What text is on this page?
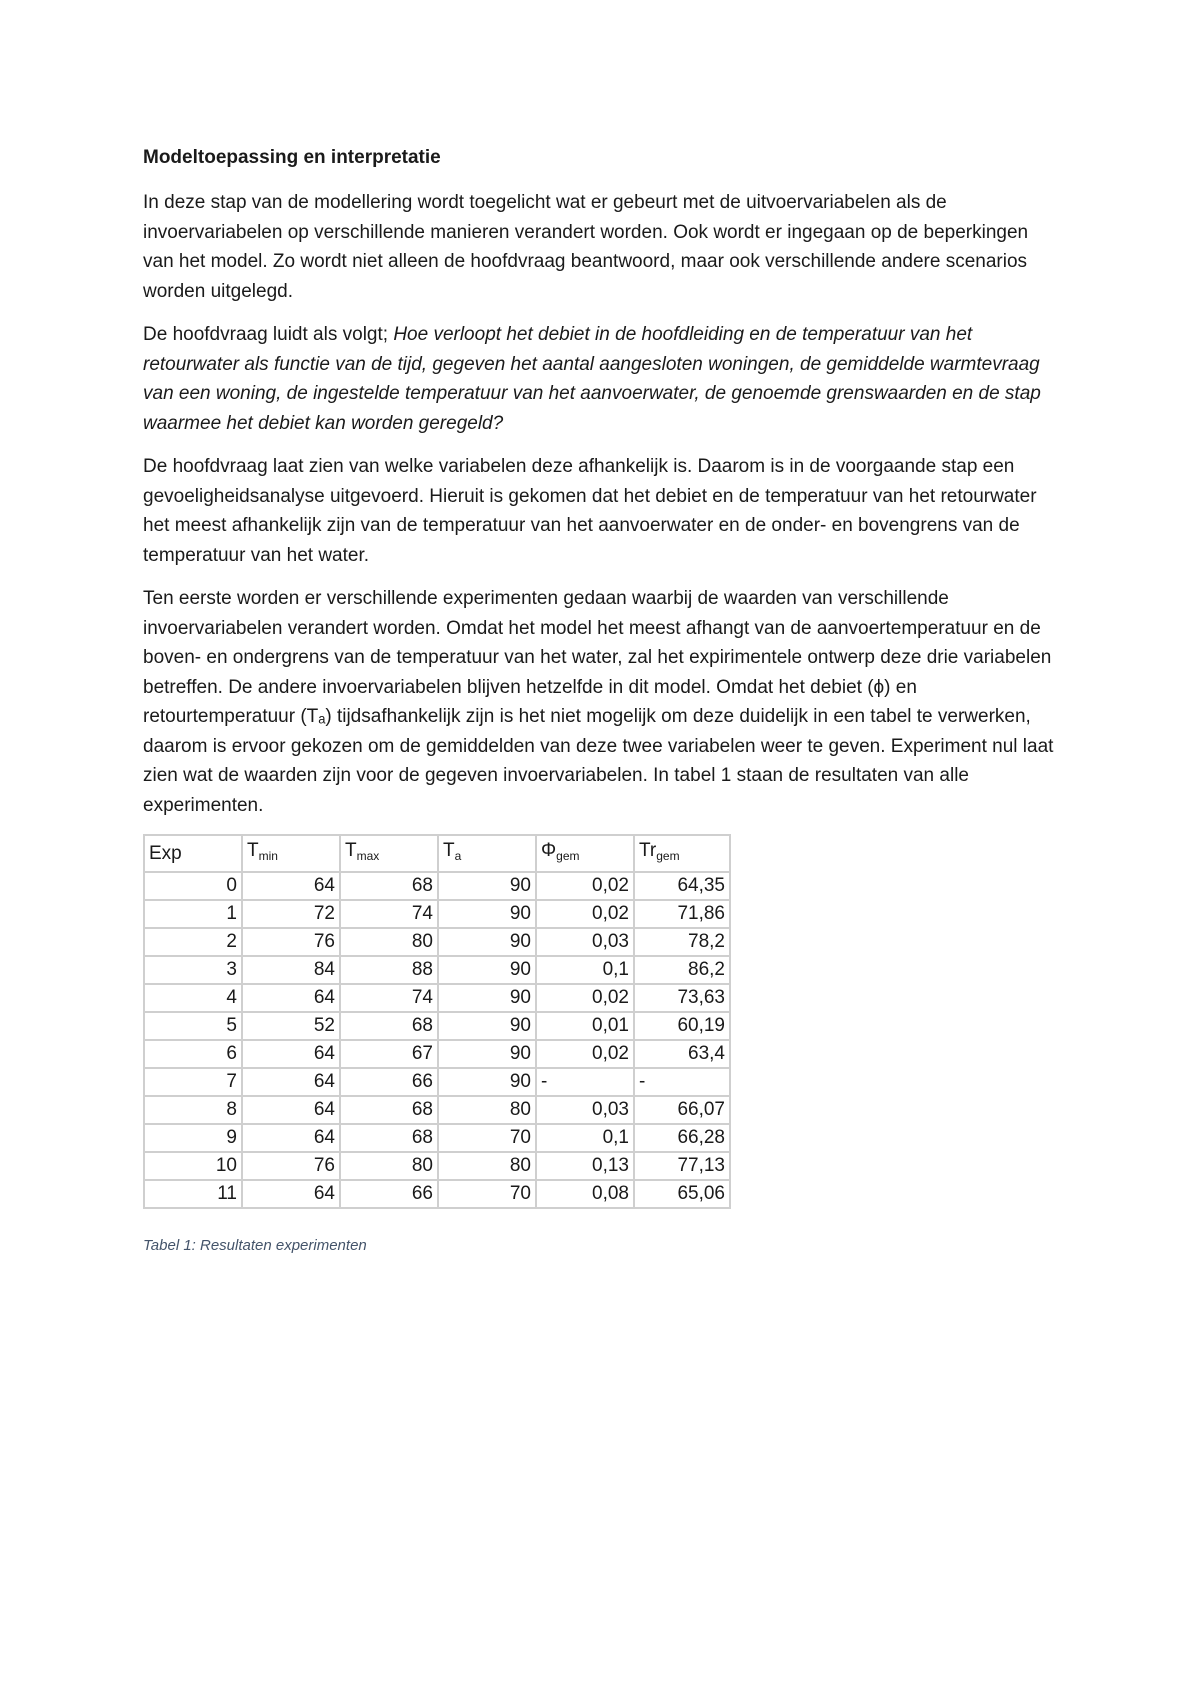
Modeltoepassing en interpretatie

In deze stap van de modellering wordt toegelicht wat er gebeurt met de uitvoervariabelen als de invoervariabelen op verschillende manieren verandert worden. Ook wordt er ingegaan op de beperkingen van het model. Zo wordt niet alleen de hoofdvraag beantwoord, maar ook verschillende andere scenarios worden uitgelegd.

De hoofdvraag luidt als volgt; Hoe verloopt het debiet in de hoofdleiding en de temperatuur van het retourwater als functie van de tijd, gegeven het aantal aangesloten woningen, de gemiddelde warmtevraag van een woning, de ingestelde temperatuur van het aanvoerwater, de genoemde grenswaarden en de stap waarmee het debiet kan worden geregeld?

De hoofdvraag laat zien van welke variabelen deze afhankelijk is. Daarom is in de voorgaande stap een gevoeligheidsanalyse uitgevoerd. Hieruit is gekomen dat het debiet en de temperatuur van het retourwater het meest afhankelijk zijn van de temperatuur van het aanvoerwater en de onder- en bovengrens van de temperatuur van het water.

Ten eerste worden er verschillende experimenten gedaan waarbij de waarden van verschillende invoervariabelen verandert worden. Omdat het model het meest afhangt van de aanvoertemperatuur en de boven- en ondergrens van de temperatuur van het water, zal het expirimentele ontwerp deze drie variabelen betreffen. De andere invoervariabelen blijven hetzelfde in dit model. Omdat het debiet (ϕ) en retourtemperatuur (Tₐ) tijdsafhankelijk zijn is het niet mogelijk om deze duidelijk in een tabel te verwerken, daarom is ervoor gekozen om de gemiddelden van deze twee variabelen weer te geven. Experiment nul laat zien wat de waarden zijn voor de gegeven invoervariabelen. In tabel 1 staan de resultaten van alle experimenten.

Exp	$T_{min}$	$T_{max}$	$T_a$	$\Phi_{gem}$	$Tr_{gem}$
0	64	68	90	0,02	64,35
1	72	74	90	0,02	71,86
2	76	80	90	0,03	78,2
3	84	88	90	0,1	86,2
4	64	74	90	0,02	73,63
5	52	68	90	0,01	60,19
6	64	67	90	0,02	63,4
7	64	66	90	-	-
8	64	68	80	0,03	66,07
9	64	68	70	0,1	66,28
10	76	80	80	0,13	77,13
11	64	66	70	0,08	65,06
Tabel 1: Resultaten experimenten
